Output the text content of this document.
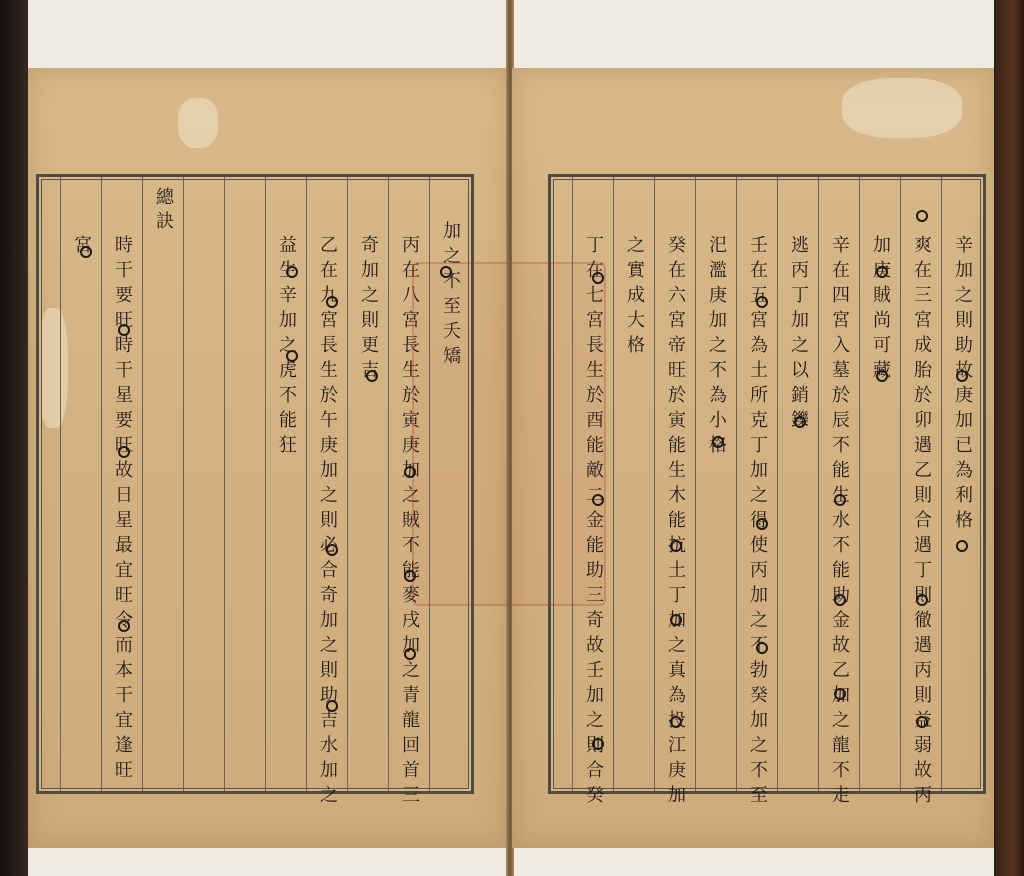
加之不至夭矯
丙在八宮長生於寅庚加之賊不能麥戌加之青龍回首三
奇加之則更吉
乙在九宮長生於午庚加之則必合奇加之則助吉水加之
益生辛加之虎不能狂
總訣
時干要旺時干星要旺故日星最宜旺令而本干宜逢旺
宮	辛加之則助故庚加已為利格
爽在三宮成胎於卯遇乙則合遇丁則徹遇丙則益弱故丙
加庚賊尚可藏
辛在四宮入墓於辰不能生水不能助金故乙加之龍不走
逃丙丁加之以銷鑠
壬在五宮為土所克丁加之得使丙加之不勃癸加之不至
汜濫庚加之不為小格
癸在六宮帝旺於寅能生木能抗土丁加之真為投江庚加
之實成大格
丁在七宮長生於酉能敵二金能助三奇故壬加之則合癸
